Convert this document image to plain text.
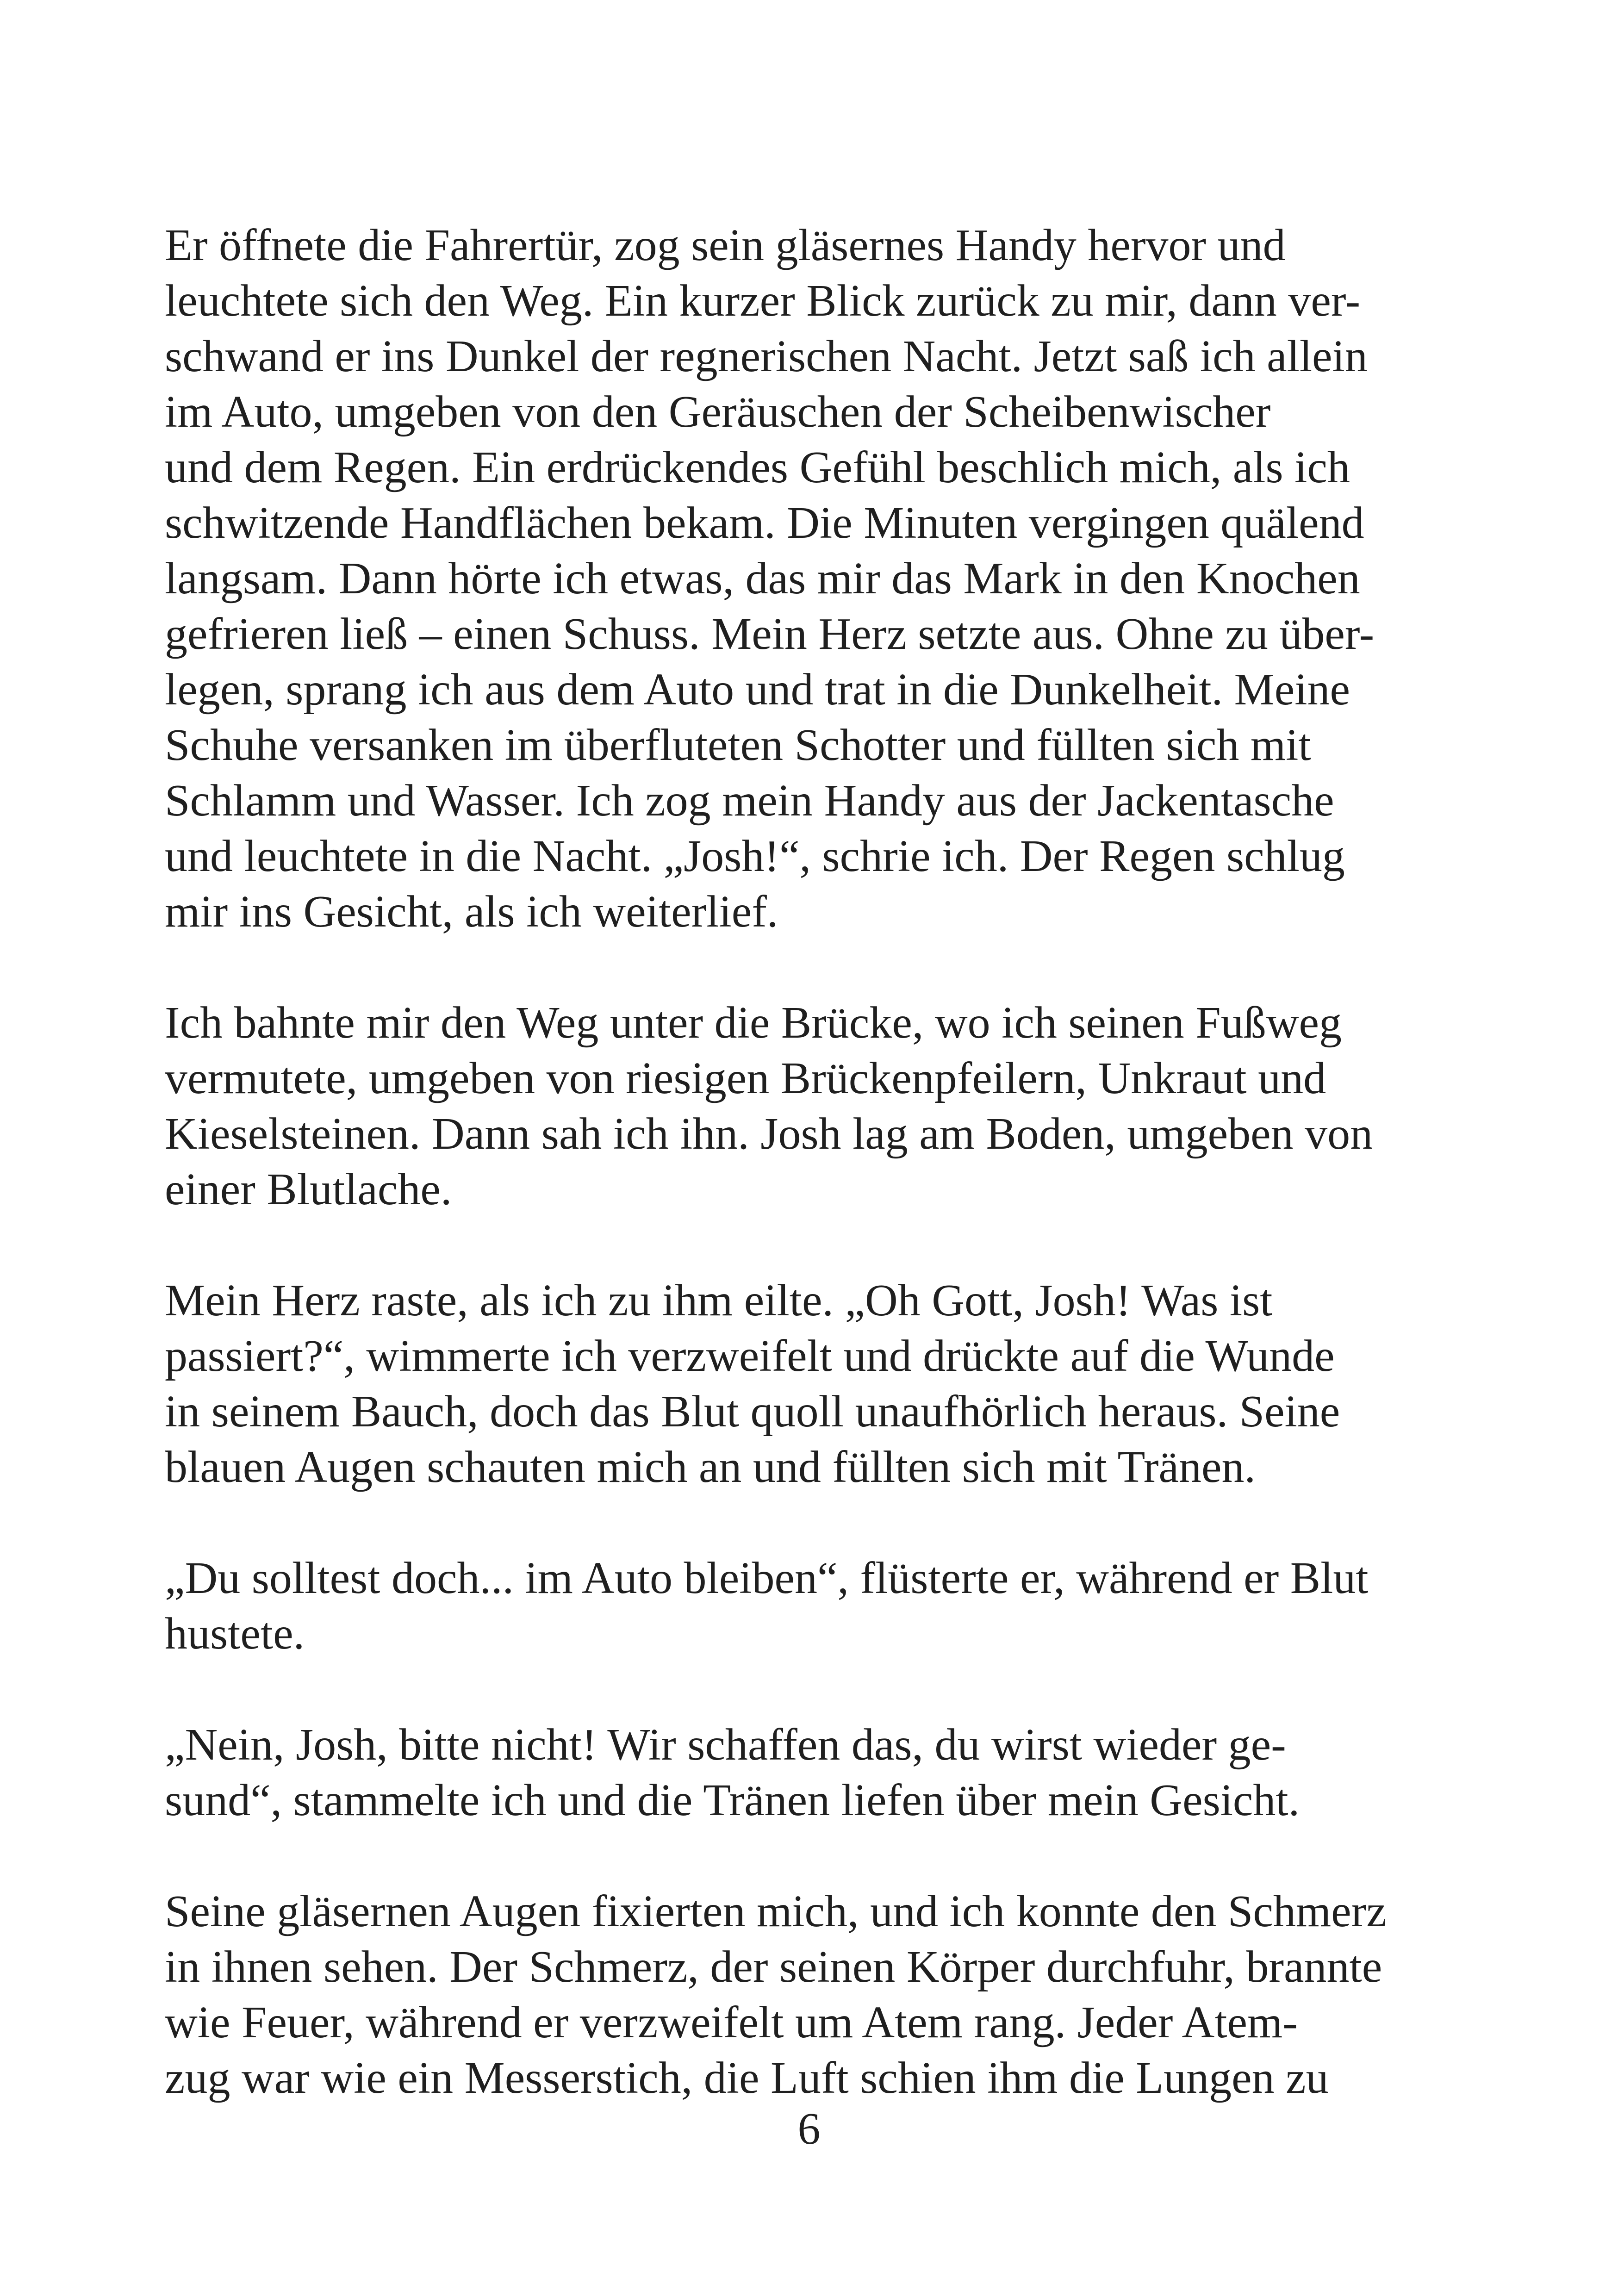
Er öffnete die Fahrertür, zog sein gläsernes Handy hervor und
leuchtete sich den Weg. Ein kurzer Blick zurück zu mir, dann ver-
schwand er ins Dunkel der regnerischen Nacht. Jetzt saß ich allein
im Auto, umgeben von den Geräuschen der Scheibenwischer
und dem Regen. Ein erdrückendes Gefühl beschlich mich, als ich
schwitzende Handflächen bekam. Die Minuten vergingen quälend
langsam. Dann hörte ich etwas, das mir das Mark in den Knochen
gefrieren ließ – einen Schuss. Mein Herz setzte aus. Ohne zu über-
legen, sprang ich aus dem Auto und trat in die Dunkelheit. Meine
Schuhe versanken im überfluteten Schotter und füllten sich mit
Schlamm und Wasser. Ich zog mein Handy aus der Jackentasche
und leuchtete in die Nacht. „Josh!“, schrie ich. Der Regen schlug
mir ins Gesicht, als ich weiterlief.

Ich bahnte mir den Weg unter die Brücke, wo ich seinen Fußweg
vermutete, umgeben von riesigen Brückenpfeilern, Unkraut und
Kieselsteinen. Dann sah ich ihn. Josh lag am Boden, umgeben von
einer Blutlache.

Mein Herz raste, als ich zu ihm eilte. „Oh Gott, Josh! Was ist
passiert?“, wimmerte ich verzweifelt und drückte auf die Wunde
in seinem Bauch, doch das Blut quoll unaufhörlich heraus. Seine
blauen Augen schauten mich an und füllten sich mit Tränen.

„Du solltest doch... im Auto bleiben“, flüsterte er, während er Blut
hustete.

„Nein, Josh, bitte nicht! Wir schaffen das, du wirst wieder ge-
sund“, stammelte ich und die Tränen liefen über mein Gesicht.

Seine gläsernen Augen fixierten mich, und ich konnte den Schmerz
in ihnen sehen. Der Schmerz, der seinen Körper durchfuhr, brannte
wie Feuer, während er verzweifelt um Atem rang. Jeder Atem-
zug war wie ein Messerstich, die Luft schien ihm die Lungen zu

6
